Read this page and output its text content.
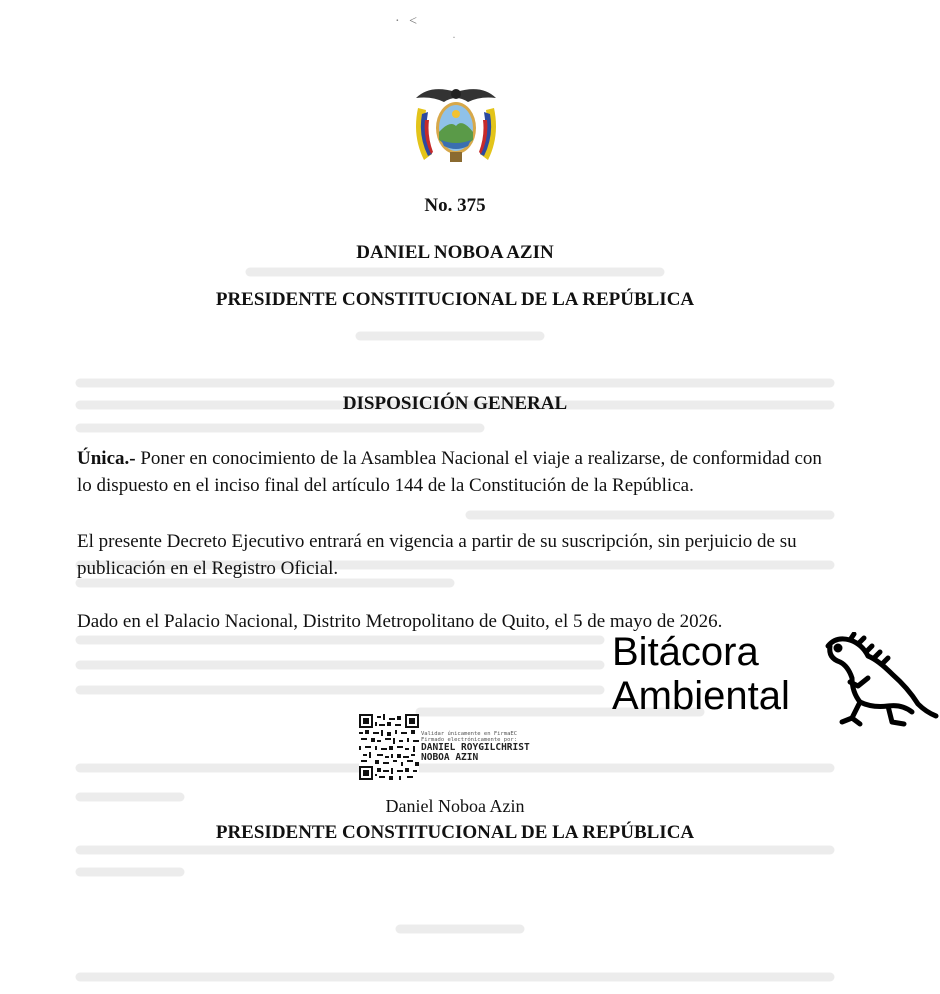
· <
·
No. 375
DANIEL NOBOA AZIN
PRESIDENTE CONSTITUCIONAL DE LA REPÚBLICA
DISPOSICIÓN GENERAL
Única.- Poner en conocimiento de la Asamblea Nacional el viaje a realizarse, de conformidad con lo dispuesto en el inciso final del artículo 144 de la Constitución de la República.
El presente Decreto Ejecutivo entrará en vigencia a partir de su suscripción, sin perjuicio de su publicación en el Registro Oficial.
Dado en el Palacio Nacional, Distrito Metropolitano de Quito, el 5 de mayo de 2026.
Validar únicamente en FirmaEC
Firmado electrónicamente por:
DANIEL ROYGILCHRIST
NOBOA AZIN
Daniel Noboa Azin
PRESIDENTE CONSTITUCIONAL DE LA REPÚBLICA
Bitácora
Ambiental
